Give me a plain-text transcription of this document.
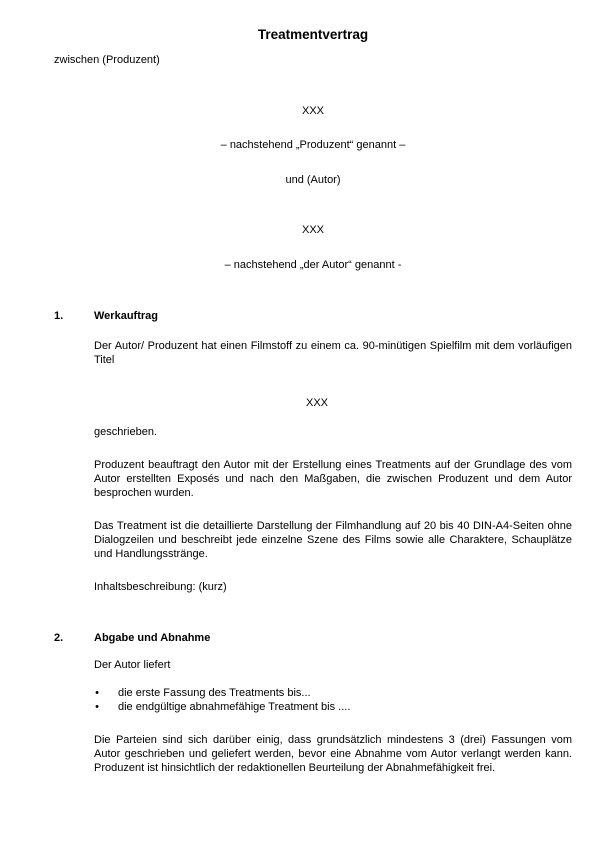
Treatmentvertrag
zwischen (Produzent)
XXX
– nachstehend „Produzent“ genannt –
und (Autor)
XXX
– nachstehend „der Autor“ genannt -
1.	Werkauftrag
Der Autor/ Produzent hat einen Filmstoff zu einem ca. 90-minütigen Spielfilm mit dem vorläufigen Titel
XXX
geschrieben.
Produzent beauftragt den Autor mit der Erstellung eines Treatments auf der Grundlage des vom Autor erstellten Exposés und nach den Maßgaben, die zwischen Produzent und dem Autor besprochen wurden.
Das Treatment ist die detaillierte Darstellung der Filmhandlung auf 20 bis 40 DIN-A4-Seiten ohne Dialogzeilen und beschreibt jede einzelne Szene des Films sowie alle Charaktere, Schauplätze und Handlungsstränge.
Inhaltsbeschreibung: (kurz)
2.	Abgabe und Abnahme
Der Autor liefert
• die erste Fassung des Treatments bis...
• die endgültige abnahmefähige Treatment bis ....
Die Parteien sind sich darüber einig, dass grundsätzlich mindestens 3 (drei) Fassungen vom Autor geschrieben und geliefert werden, bevor eine Abnahme vom Autor verlangt werden kann. Produzent ist hinsichtlich der redaktionellen Beurteilung der Abnahmefähigkeit frei.
